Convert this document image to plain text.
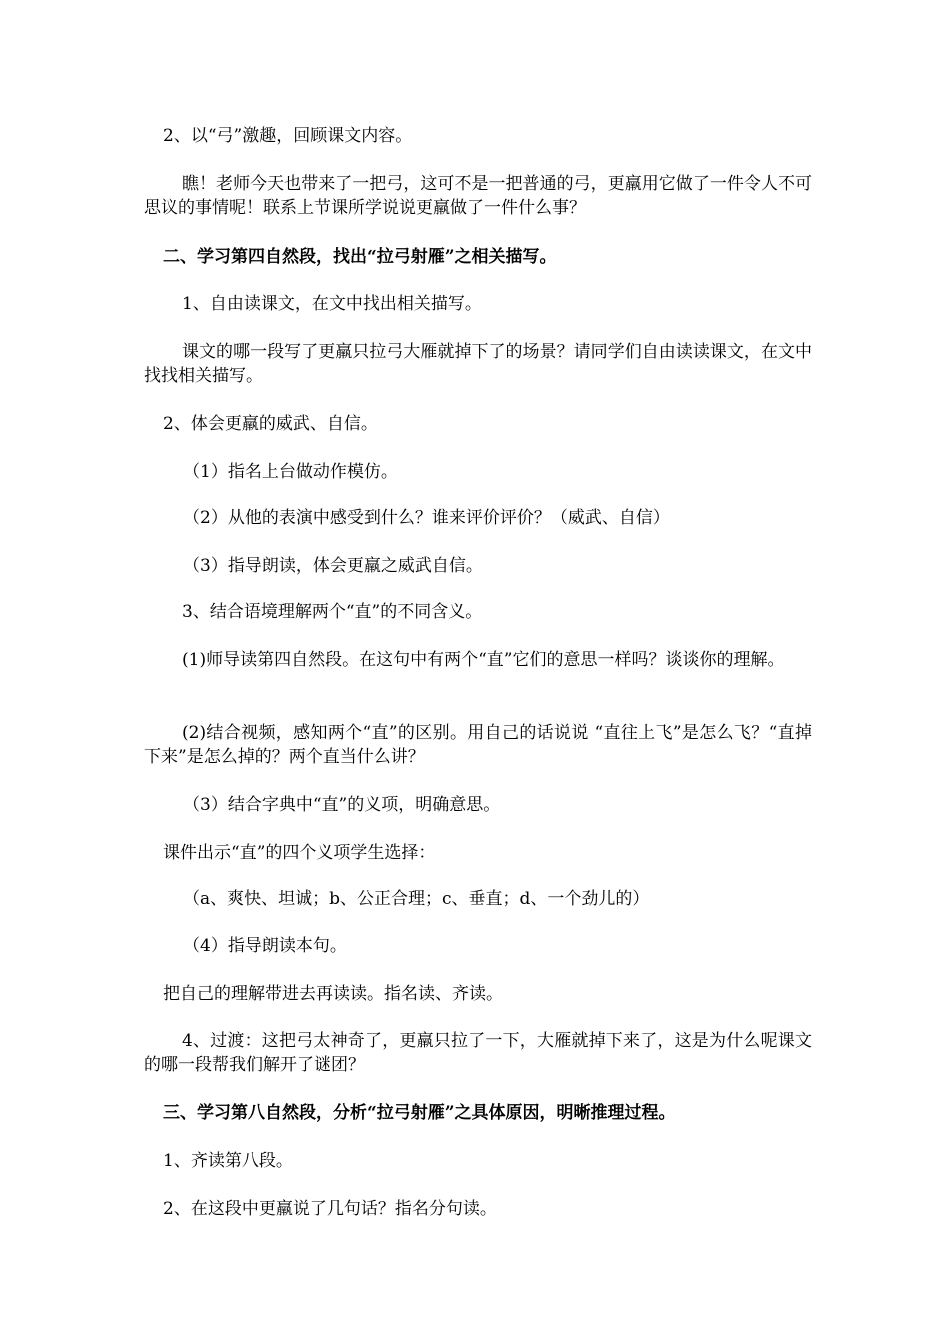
2、以“弓”激趣，回顾课文内容。

瞧！老师今天也带来了一把弓，这可不是一把普通的弓，更羸用它做了一件令人不可思议的事情呢！联系上节课所学说说更羸做了一件什么事？

二、学习第四自然段，找出“拉弓射雁”之相关描写。

1、自由读课文，在文中找出相关描写。

课文的哪一段写了更羸只拉弓大雁就掉下了的场景？请同学们自由读读课文，在文中找找相关描写。

2、体会更羸的威武、自信。

（1）指名上台做动作模仿。

（2）从他的表演中感受到什么？谁来评价评价？（威武、自信）

（3）指导朗读，体会更羸之威武自信。

3、结合语境理解两个“直”的不同含义。

(1)师导读第四自然段。在这句中有两个“直”它们的意思一样吗？谈谈你的理解。

(2)结合视频，感知两个“直”的区别。用自己的话说说 “直往上飞”是怎么飞？“直掉下来”是怎么掉的？两个直当什么讲？

（3）结合字典中“直”的义项，明确意思。

课件出示“直”的四个义项学生选择：

（a、爽快、坦诚；b、公正合理；c、垂直；d、一个劲儿的）

（4）指导朗读本句。

把自己的理解带进去再读读。指名读、齐读。

4、过渡：这把弓太神奇了，更羸只拉了一下，大雁就掉下来了，这是为什么呢课文的哪一段帮我们解开了谜团？

三、学习第八自然段，分析“拉弓射雁”之具体原因，明晰推理过程。

1、齐读第八段。

2、在这段中更羸说了几句话？指名分句读。
